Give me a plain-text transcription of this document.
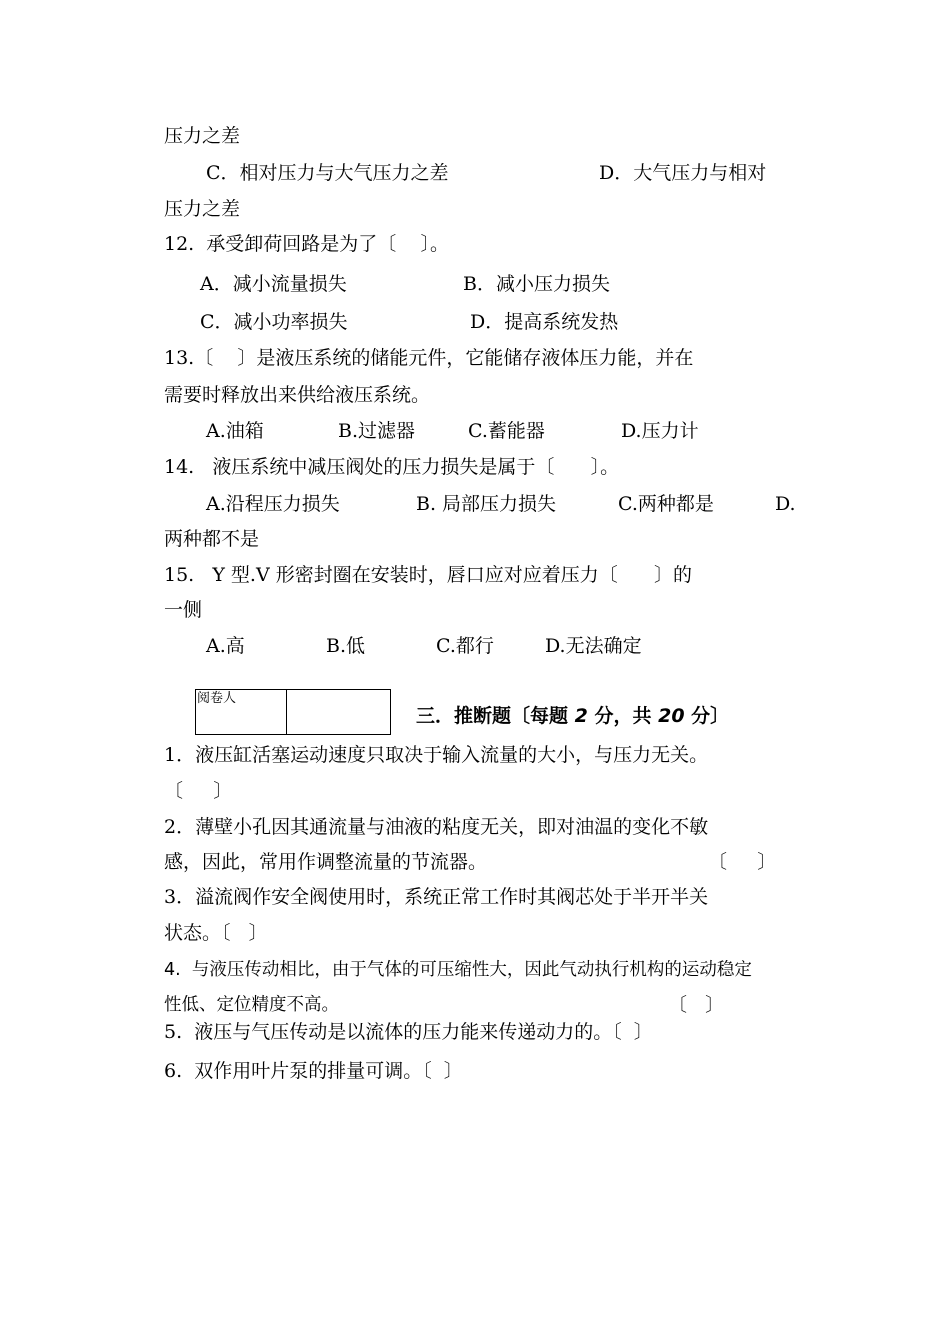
压力之差
C．相对压力与大气压力之差	D．大气压力与相对
压力之差
12.  承受卸荷回路是为了〔    〕。
A．减小流量损失	B．减小压力损失
C．减小功率损失	D．提高系统发热
13.〔    〕是液压系统的储能元件，它能储存液体压力能，并在
需要时释放出来供给液压系统。
A.油箱	B.过滤器	C.蓄能器	D.压力计
14.   液压系统中减压阀处的压力损失是属于〔      〕。
A.沿程压力损失	B. 局部压力损失	C.两种都是	D.
两种都不是
15.   Y 型.V 形密封圈在安装时，唇口应对应着压力〔      〕的
一侧
A.高	B.低	C.都行	D.无法确定
阅卷人
三．推断题〔每题 2 分，共 20 分〕
1．液压缸活塞运动速度只取决于输入流量的大小，与压力无关。
〔     〕
2．薄壁小孔因其通流量与油液的粘度无关，即对油温的变化不敏
感，因此，常用作调整流量的节流器。	〔     〕
3．溢流阀作安全阀使用时，系统正常工作时其阀芯处于半开半关
状态。〔   〕
4.  与液压传动相比，由于气体的可压缩性大，因此气动执行机构的运动稳定
性低、定位精度不高。	〔   〕
5.  液压与气压传动是以流体的压力能来传递动力的。〔  〕
6.  双作用叶片泵的排量可调。〔  〕
